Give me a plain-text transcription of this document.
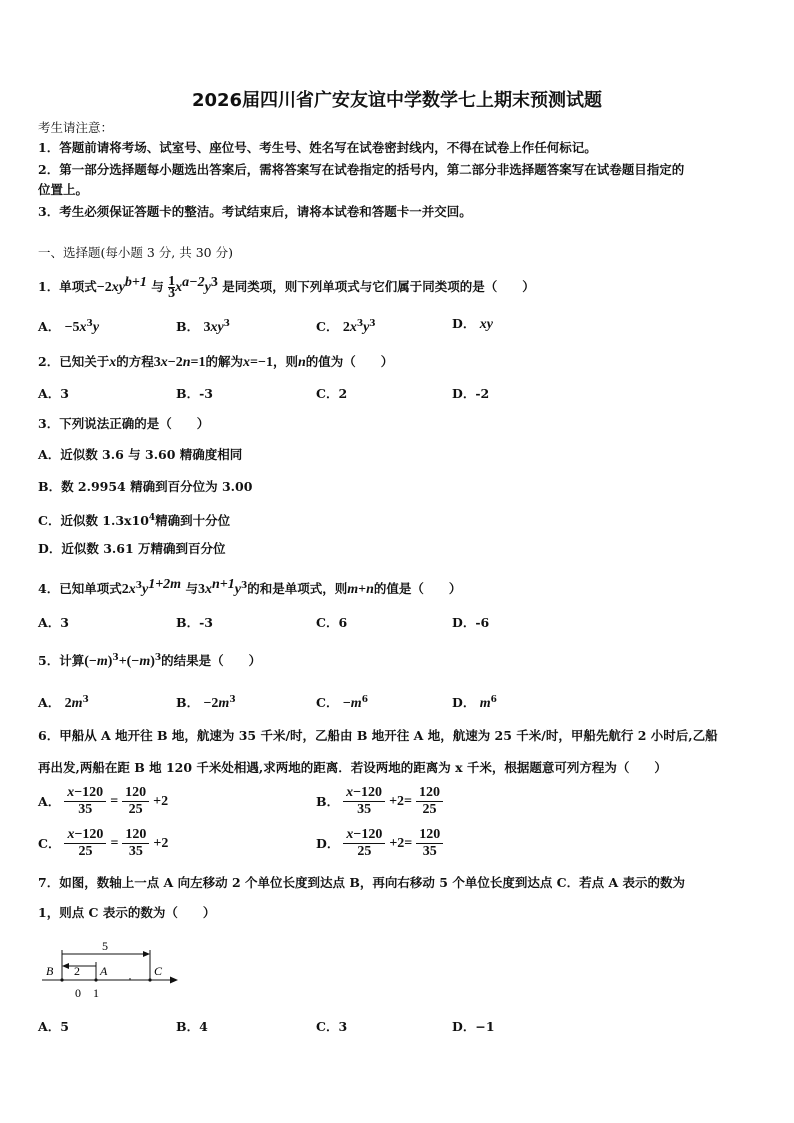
2026届四川省广安友谊中学数学七上期末预测试题
考生请注意：
1．答题前请将考场、试室号、座位号、考生号、姓名写在试卷密封线内，不得在试卷上作任何标记。
2．第一部分选择题每小题选出答案后，需将答案写在试卷指定的括号内，第二部分非选择题答案写在试卷题目指定的
位置上。
3．考生必须保证答题卡的整洁。考试结束后，请将本试卷和答题卡一并交回。
一、选择题(每小题 3 分, 共 30 分)
1．单项式$-2xy^{b+1}$ 与 $\frac{1}{3}x^{a-2}y^3$ 是同类项，则下列单项式与它们属于同类项的是（　　）
A． $-5x^3y$	B． $3xy^3$	C． $2x^3y^3$	D． xy
2．已知关于x的方程3x−2n=1的解为x=−1，则n的值为（　　）
A．3	B．-3	C．2	D．-2
3．下列说法正确的是（　　）
A．近似数 3.6 与 3.60 精确度相同
B．数 2.9954 精确到百分位为 3.00
C．近似数 $1.3x10^4$精确到十分位
D．近似数 3.61 万精确到百分位
4．已知单项式$2x^3y^{1+2m}$ 与$3x^{n+1}y^3$的和是单项式，则m+n的值是（　　）
A．3	B．-3	C．6	D．-6
5．计算$(-m)^3+(-m)^3$的结果是（　　）
A． $2m^3$	B． $-2m^3$	C． $-m^6$	D． $m^6$
6．甲船从 A 地开往 B 地，航速为 35 千米/时，乙船由 B 地开往 A 地，航速为 25 千米/时，甲船先航行 2 小时后,乙船
再出发,两船在距 B 地 120 千米处相遇,求两地的距离．若设两地的距离为 x 千米，根据题意可列方程为（　　）
A． $\frac{x-120}{35} = \frac{120}{25} +2$	B． $\frac{x-120}{35} +2= \frac{120}{25}$
C． $\frac{x-120}{25} = \frac{120}{35} +2$	D． $\frac{x-120}{25} +2= \frac{120}{35}$
7．如图，数轴上一点 A 向左移动 2 个单位长度到达点 B，再向右移动 5 个单位长度到达点 C．若点 A 表示的数为
1，则点 C 表示的数为（　　）
5
2
B	A	C
0 1
A．5	B．4	C．3	D．−1
